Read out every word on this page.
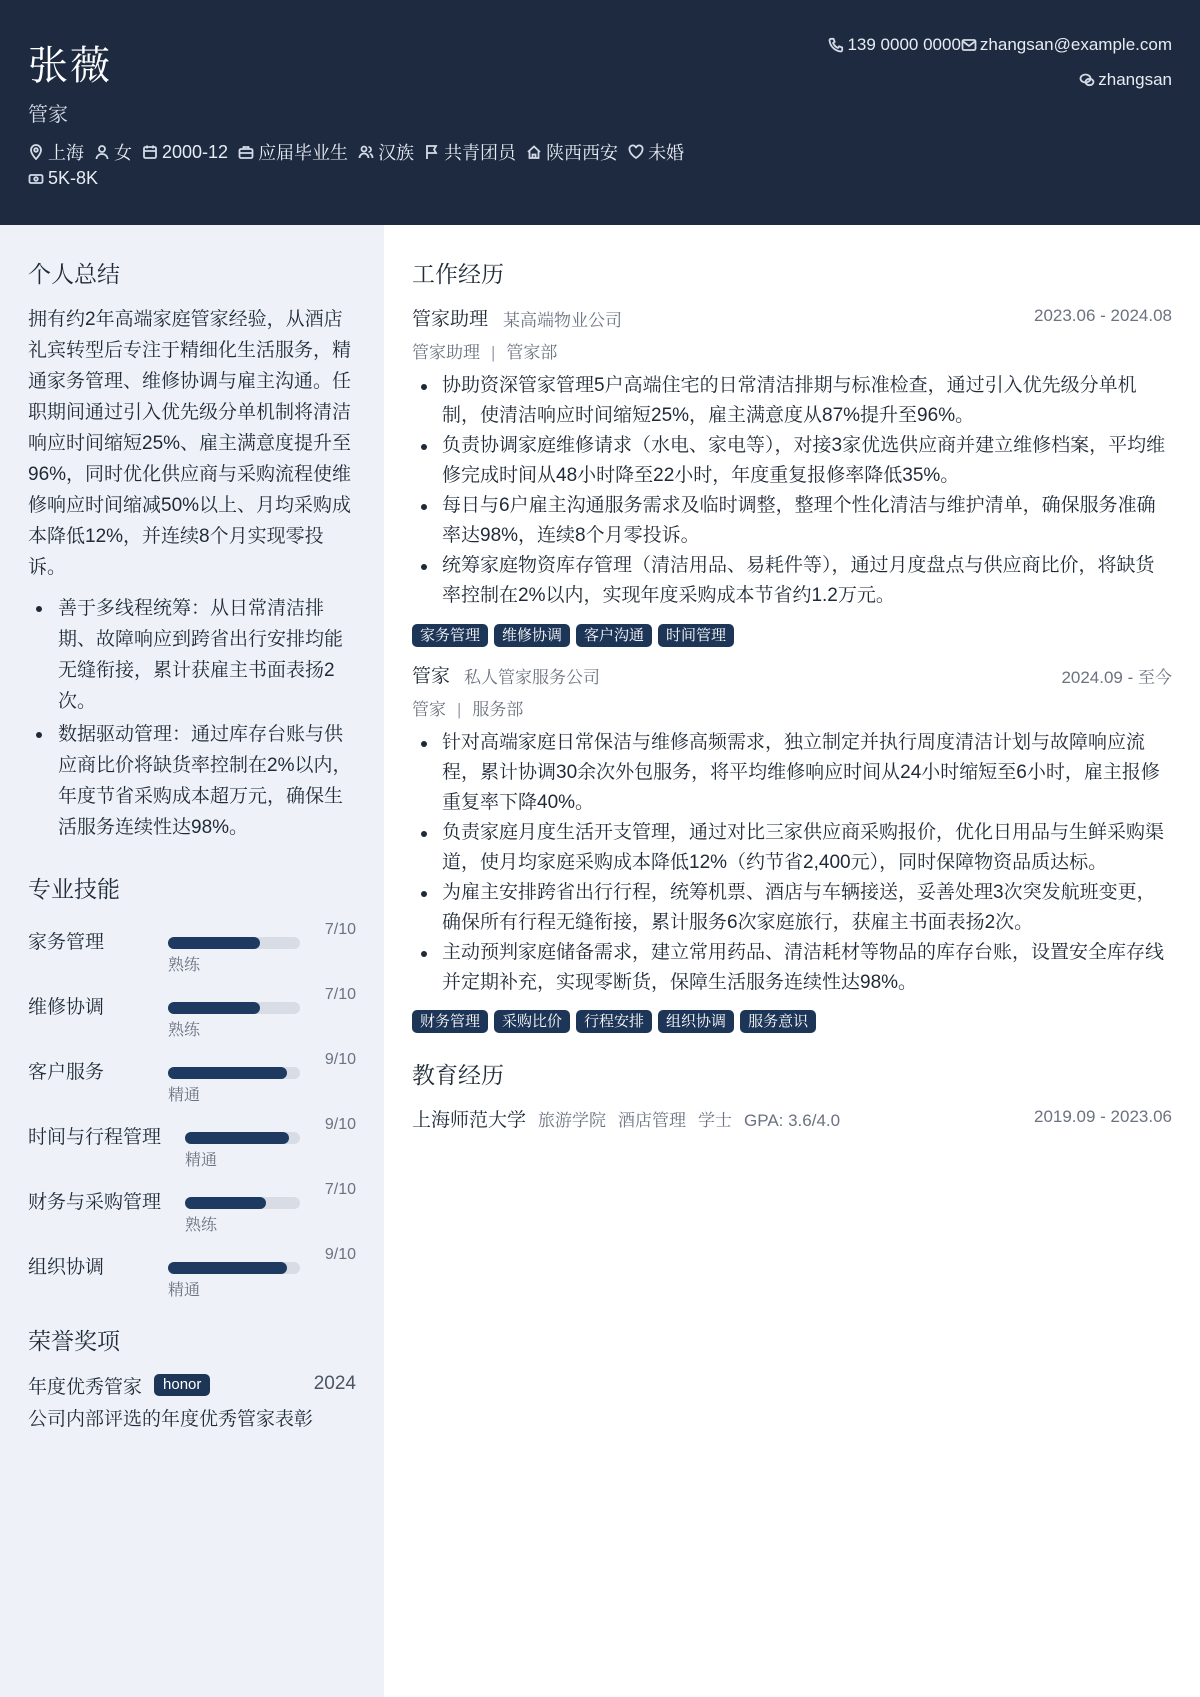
张薇
管家
上海 女 2000-12 应届毕业生 汉族 共青团员 陕西西安 未婚
5K-8K
139 0000 0000 zhangsan@example.com
zhangsan
个人总结
拥有约2年高端家庭管家经验，从酒店礼宾转型后专注于精细化生活服务，精通家务管理、维修协调与雇主沟通。任职期间通过引入优先级分单机制将清洁响应时间缩短25%、雇主满意度提升至96%，同时优化供应商与采购流程使维修响应时间缩减50%以上、月均采购成本降低12%，并连续8个月实现零投诉。
善于多线程统筹：从日常清洁排期、故障响应到跨省出行安排均能无缝衔接，累计获雇主书面表扬2次。
数据驱动管理：通过库存台账与供应商比价将缺货率控制在2%以内，年度节省采购成本超万元，确保生活服务连续性达98%。
专业技能
家务管理
熟练
7/10
维修协调
熟练
7/10
客户服务
精通
9/10
时间与行程管理
精通
9/10
财务与采购管理
熟练
7/10
组织协调
精通
9/10
荣誉奖项
年度优秀管家	honor	2024
公司内部评选的年度优秀管家表彰
工作经历
管家助理 某高端物业公司	2023.06 - 2024.08
管家助理 | 管家部
协助资深管家管理5户高端住宅的日常清洁排期与标准检查，通过引入优先级分单机制，使清洁响应时间缩短25%，雇主满意度从87%提升至96%。
负责协调家庭维修请求（水电、家电等），对接3家优选供应商并建立维修档案，平均维修完成时间从48小时降至22小时，年度重复报修率降低35%。
每日与6户雇主沟通服务需求及临时调整，整理个性化清洁与维护清单，确保服务准确率达98%，连续8个月零投诉。
统筹家庭物资库存管理（清洁用品、易耗件等），通过月度盘点与供应商比价，将缺货率控制在2%以内，实现年度采购成本节省约1.2万元。
家务管理	维修协调	客户沟通	时间管理
管家 私人管家服务公司	2024.09 - 至今
管家 | 服务部
针对高端家庭日常保洁与维修高频需求，独立制定并执行周度清洁计划与故障响应流程，累计协调30余次外包服务，将平均维修响应时间从24小时缩短至6小时，雇主报修重复率下降40%。
负责家庭月度生活开支管理，通过对比三家供应商采购报价，优化日用品与生鲜采购渠道，使月均家庭采购成本降低12%（约节省2,400元），同时保障物资品质达标。
为雇主安排跨省出行行程，统筹机票、酒店与车辆接送，妥善处理3次突发航班变更，确保所有行程无缝衔接，累计服务6次家庭旅行，获雇主书面表扬2次。
主动预判家庭储备需求，建立常用药品、清洁耗材等物品的库存台账，设置安全库存线并定期补充，实现零断货，保障生活服务连续性达98%。
财务管理	采购比价	行程安排	组织协调	服务意识
教育经历
上海师范大学 旅游学院 酒店管理 学士 GPA: 3.6/4.0	2019.09 - 2023.06
